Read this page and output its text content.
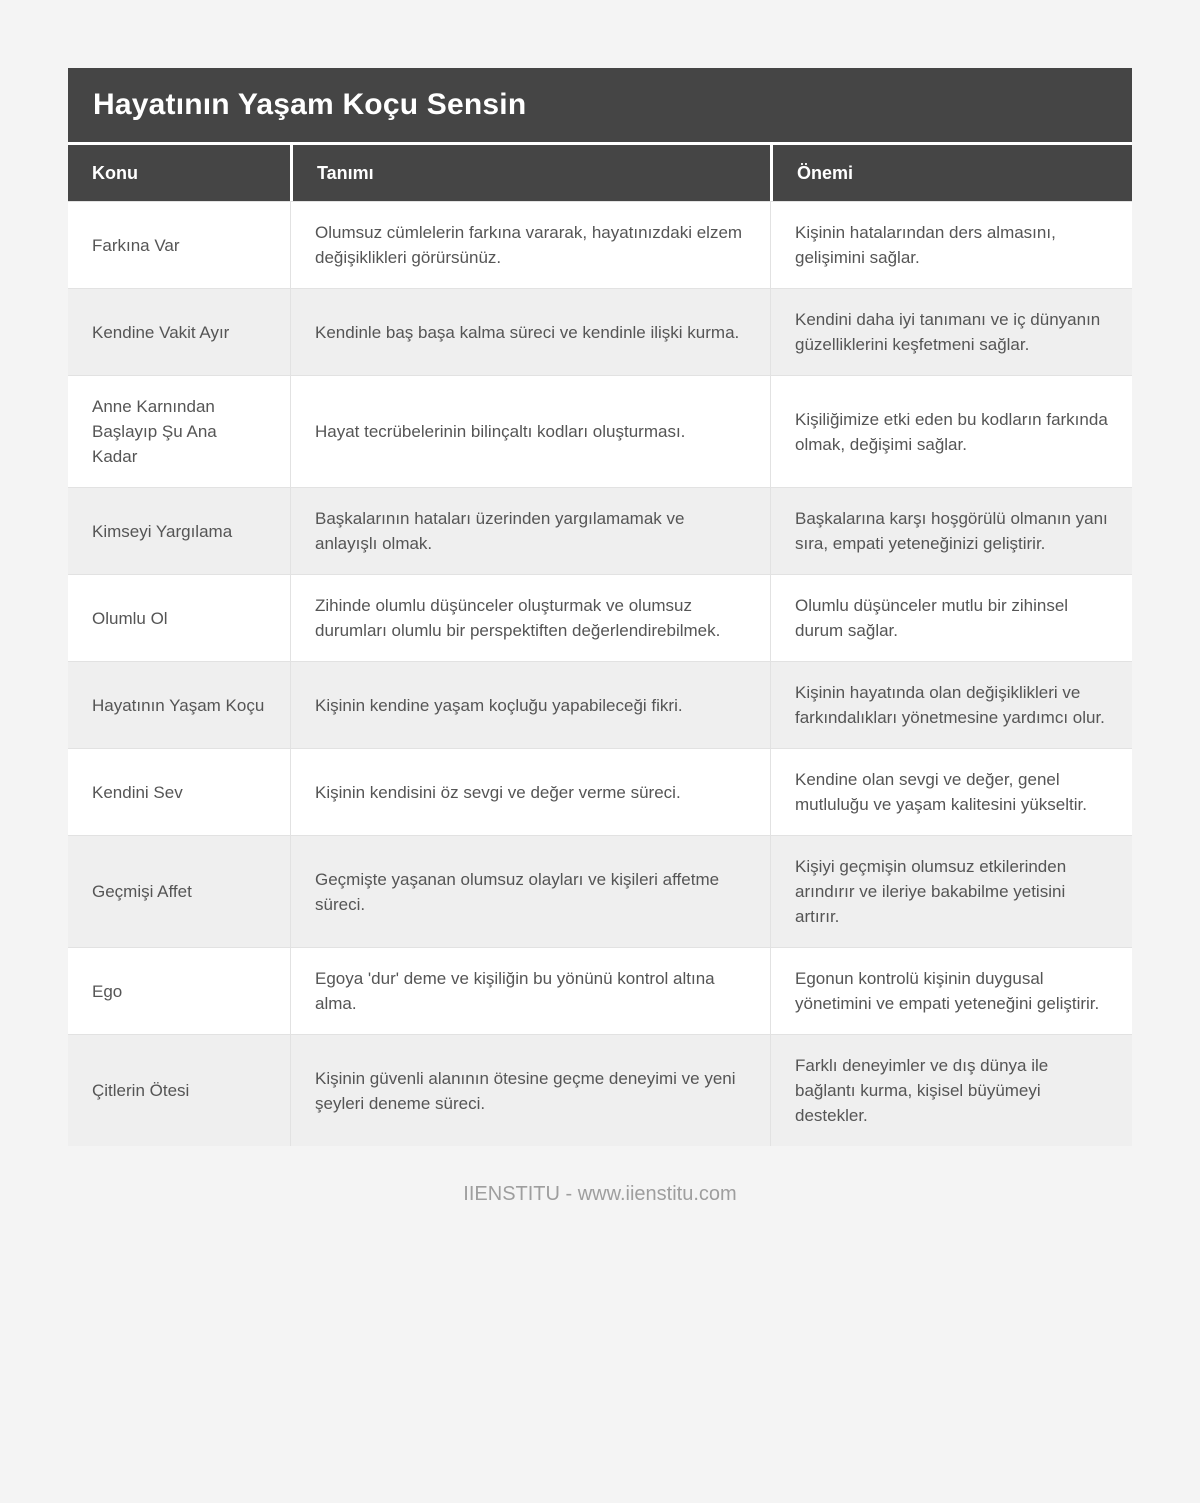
Hayatının Yaşam Koçu Sensin
Konu	Tanımı	Önemi
Farkına Var	Olumsuz cümlelerin farkına vararak, hayatınızdaki elzem değişiklikleri görürsünüz.	Kişinin hatalarından ders almasını, gelişimini sağlar.
Kendine Vakit Ayır	Kendinle baş başa kalma süreci ve kendinle ilişki kurma.	Kendini daha iyi tanımanı ve iç dünyanın güzelliklerini keşfetmeni sağlar.
Anne Karnından Başlayıp Şu Ana Kadar	Hayat tecrübelerinin bilinçaltı kodları oluşturması.	Kişiliğimize etki eden bu kodların farkında olmak, değişimi sağlar.
Kimseyi Yargılama	Başkalarının hataları üzerinden yargılamamak ve anlayışlı olmak.	Başkalarına karşı hoşgörülü olmanın yanı sıra, empati yeteneğinizi geliştirir.
Olumlu Ol	Zihinde olumlu düşünceler oluşturmak ve olumsuz durumları olumlu bir perspektiften değerlendirebilmek.	Olumlu düşünceler mutlu bir zihinsel durum sağlar.
Hayatının Yaşam Koçu	Kişinin kendine yaşam koçluğu yapabileceği fikri.	Kişinin hayatında olan değişiklikleri ve farkındalıkları yönetmesine yardımcı olur.
Kendini Sev	Kişinin kendisini öz sevgi ve değer verme süreci.	Kendine olan sevgi ve değer, genel mutluluğu ve yaşam kalitesini yükseltir.
Geçmişi Affet	Geçmişte yaşanan olumsuz olayları ve kişileri affetme süreci.	Kişiyi geçmişin olumsuz etkilerinden arındırır ve ileriye bakabilme yetisini artırır.
Ego	Egoya 'dur' deme ve kişiliğin bu yönünü kontrol altına alma.	Egonun kontrolü kişinin duygusal yönetimini ve empati yeteneğini geliştirir.
Çitlerin Ötesi	Kişinin güvenli alanının ötesine geçme deneyimi ve yeni şeyleri deneme süreci.	Farklı deneyimler ve dış dünya ile bağlantı kurma, kişisel büyümeyi destekler.
IIENSTITU - www.iienstitu.com
